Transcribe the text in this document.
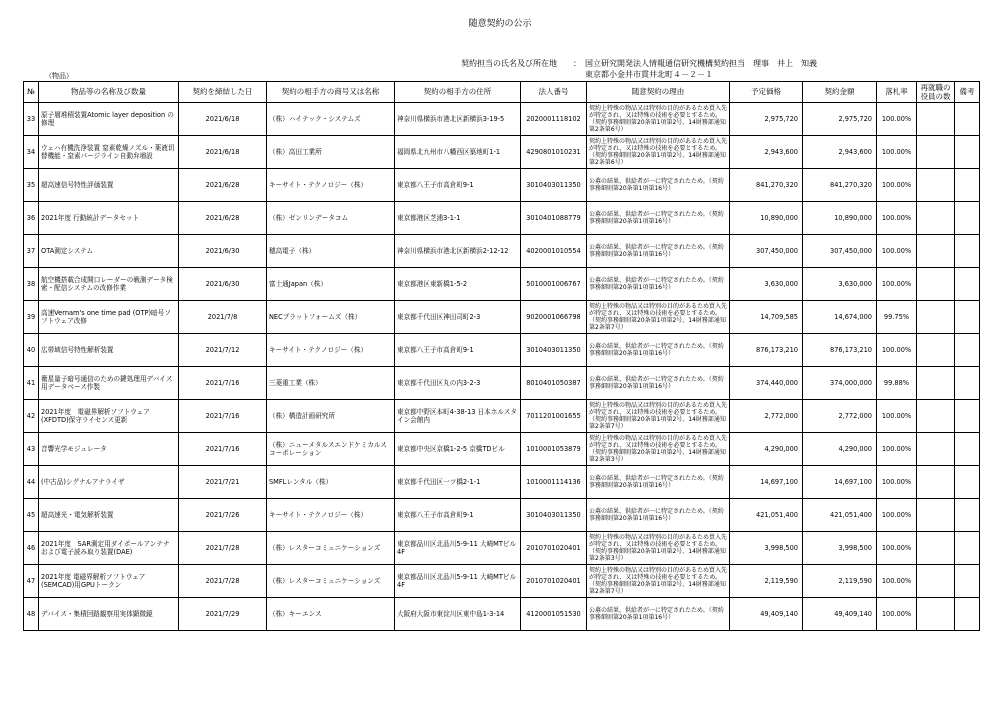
随意契約の公示
契約担当の氏名及び所在地	： 国立研究開発法人情報通信研究機構契約担当　理事　井上　知義
東京都小金井市貫井北町４－２－１
（物品）
№	物品等の名称及び数量	契約を締結した日	契約の相手方の商号又は名称	契約の相手方の住所	法人番号	随意契約の理由	予定価格	契約金額	落札率	再就職の役員の数	備考
33	原子層堆積装置Atomic layer deposition の修理	2021/6/18	（株）ハイテック・システムズ	神奈川県横浜市港北区新横浜3-19-5	2020001118102	契約上特殊の物品又は特別の目的があるため買入先が特定され、又は特殊の技術を必要とするため。（契約事務細則第20条第1項第2号、14財務部通知第2条第6号）	2,975,720	2,975,720	100.00%		
34	ウェハ有機洗浄装置 窒素乾燥ノズル・薬液切替機能・窒素パージライン自動弁増設	2021/6/18	（株）高田工業所	福岡県北九州市八幡西区築地町1-1	4290801010231	契約上特殊の物品又は特別の目的があるため買入先が特定され、又は特殊の技術を必要とするため。（契約事務細則第20条第1項第2号、14財務部通知第2条第6号）	2,943,600	2,943,600	100.00%		
35	超高速信号特性評価装置	2021/6/28	キーサイト・テクノロジー（株）	東京都八王子市高倉町9-1	3010403011350	公募の結果、供給者が一に特定されたため。（契約事務細則第20条第1項第16号）	841,270,320	841,270,320	100.00%		
36	2021年度 行動統計データセット	2021/6/28	（株）ゼンリンデータコム	東京都港区芝浦3-1-1	3010401088779	公募の結果、供給者が一に特定されたため。（契約事務細則第20条第1項第16号）	10,890,000	10,890,000	100.00%		
37	OTA測定システム	2021/6/30	穂高電子（株）	神奈川県横浜市港北区新横浜2-12-12	4020001010554	公募の結果、供給者が一に特定されたため。（契約事務細則第20条第1項第16号）	307,450,000	307,450,000	100.00%		
38	航空機搭載合成開口レーダーの戦測データ検索・配信システムの改修作業	2021/6/30	富士通Japan（株）	東京都港区東新橋1-5-2	5010001006767	公募の結果、供給者が一に特定されたため。（契約事務細則第20条第1項第16号）	3,630,000	3,630,000	100.00%		
39	高速Vernam's one time pad (OTP)暗号ソフトウェア改修	2021/7/8	NECプラットフォームズ（株）	東京都千代田区神田司町2-3	9020001066798	契約上特殊の物品又は特別の目的があるため買入先が特定され、又は特殊の技術を必要とするため。（契約事務細則第20条第1項第2号、14財務部通知第2条第7号）	14,709,585	14,674,000	99.75%		
40	広帯域信号特性解析装置	2021/7/12	キーサイト・テクノロジー（株）	東京都八王子市高倉町9-1	3010403011350	公募の結果、供給者が一に特定されたため。（契約事務細則第20条第1項第16号）	876,173,210	876,173,210	100.00%		
41	衛星量子暗号通信のための鍵処理用デバイス用データベース作製	2021/7/16	三菱重工業（株）	東京都千代田区丸の内3-2-3	8010401050387	公募の結果、供給者が一に特定されたため。（契約事務細則第20条第1項第16号）	374,440,000	374,000,000	99.88%		
42	2021年度　電磁界解析ソフトウェア(XFDTD)保守ライセンス更新	2021/7/16	（株）構造計画研究所	東京都中野区本町4-38-13 日本ホルスタイン会館内	7011201001655	契約上特殊の物品又は特別の目的があるため買入先が特定され、又は特殊の技術を必要とするため。（契約事務細則第20条第1項第2号、14財務部通知第2条第7号）	2,772,000	2,772,000	100.00%		
43	音響光学モジュレータ	2021/7/16	（株）ニューメタルスエンドケミカルスコーポレーション	東京都中央区京橋1-2-5 京橋TDビル	1010001053879	契約上特殊の物品又は特別の目的があるため買入先が特定され、又は特殊の技術を必要とするため。（契約事務細則第20条第1項第2号、14財務部通知第2条第3号）	4,290,000	4,290,000	100.00%		
44	(中古品)シグナルアナライザ	2021/7/21	SMFLレンタル（株）	東京都千代田区一ツ橋2-1-1	1010001114136	公募の結果、供給者が一に特定されたため。（契約事務細則第20条第1項第16号）	14,697,100	14,697,100	100.00%		
45	超高速光・電気解析装置	2021/7/26	キーサイト・テクノロジー（株）	東京都八王子市高倉町9-1	3010403011350	公募の結果、供給者が一に特定されたため。（契約事務細則第20条第1項第16号）	421,051,400	421,051,400	100.00%		
46	2021年度　SAR測定用ダイポールアンテナおよび電子読み取り装置(DAE)	2021/7/28	（株）レスターコミュニケーションズ	東京都品川区北品川5-9-11 大崎MTビル4F	2010701020401	契約上特殊の物品又は特別の目的があるため買入先が特定され、又は特殊の技術を必要とするため。（契約事務細則第20条第1項第2号、14財務部通知第2条第3号）	3,998,500	3,998,500	100.00%		
47	2021年度 電磁界解析ソフトウェア(SEMCAD)用GPUトークン	2021/7/28	（株）レスターコミュニケーションズ	東京都品川区北品川5-9-11 大崎MTビル4F	2010701020401	契約上特殊の物品又は特別の目的があるため買入先が特定され、又は特殊の技術を必要とするため。（契約事務細則第20条第1項第2号、14財務部通知第2条第7号）	2,119,590	2,119,590	100.00%		
48	デバイス・集積回路観察用実体顕微鏡	2021/7/29	（株）キーエンス	大阪府大阪市東淀川区東中島1-3-14	4120001051530	公募の結果、供給者が一に特定されたため。（契約事務細則第20条第1項第16号）	49,409,140	49,409,140	100.00%		
